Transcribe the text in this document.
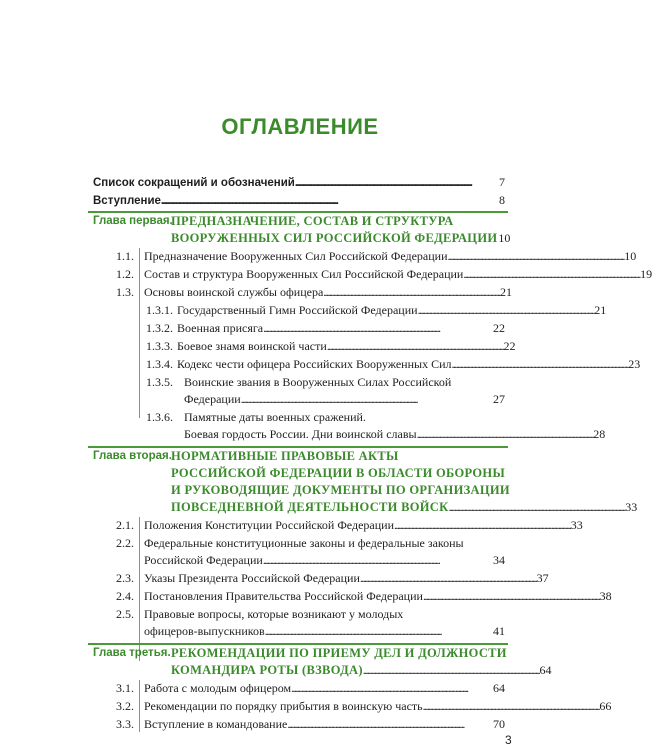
ОГЛАВЛЕНИЕ
Список сокращений и обозначений . . .	7
Вступление . . .	8
Глава первая.
ПРЕДНАЗНАЧЕНИЕ, СОСТАВ И СТРУКТУРА
ВООРУЖЕННЫХ СИЛ РОССИЙСКОЙ ФЕДЕРАЦИИ 10
1.1. Предназначение Вооруженных Сил Российской Федерации . . .	10
1.2. Состав и структура Вооруженных Сил Российской Федерации . . .	19
1.3. Основы воинской службы офицера . . .	21
1.3.1. Государственный Гимн Российской Федерации . . .	21
1.3.2. Военная присяга . . .	22
1.3.3. Боевое знамя воинской части . . .	22
1.3.4. Кодекс чести офицера Российских Вооруженных Сил . . .	23
1.3.5. Воинские звания в Вооруженных Силах Российской
Федерации . . .	27
1.3.6. Памятные даты военных сражений.
Боевая гордость России. Дни воинской славы . . .	28
Глава вторая. НОРМАТИВНЫЕ ПРАВОВЫЕ АКТЫ
РОССИЙСКОЙ ФЕДЕРАЦИИ В ОБЛАСТИ ОБОРОНЫ
И РУКОВОДЯЩИЕ ДОКУМЕНТЫ ПО ОРГАНИЗАЦИИ
ПОВСЕДНЕВНОЙ ДЕЯТЕЛЬНОСТИ ВОЙСК . . .	33
2.1. Положения Конституции Российской Федерации . . .	33
2.2. Федеральные конституционные законы и федеральные законы
Российской Федерации . . .	34
2.3. Указы Президента Российской Федерации . . .	37
2.4. Постановления Правительства Российской Федерации . . .	38
2.5. Правовые вопросы, которые возникают у молодых
офицеров-выпускников . . .	41
Глава третья. РЕКОМЕНДАЦИИ ПО ПРИЕМУ ДЕЛ И ДОЛЖНОСТИ
КОМАНДИРА РОТЫ (ВЗВОДА) . . .	64
3.1. Работа с молодым офицером . . .	64
3.2. Рекомендации по порядку прибытия в воинскую часть . . .	66
3.3. Вступление в командование . . .	70
3
